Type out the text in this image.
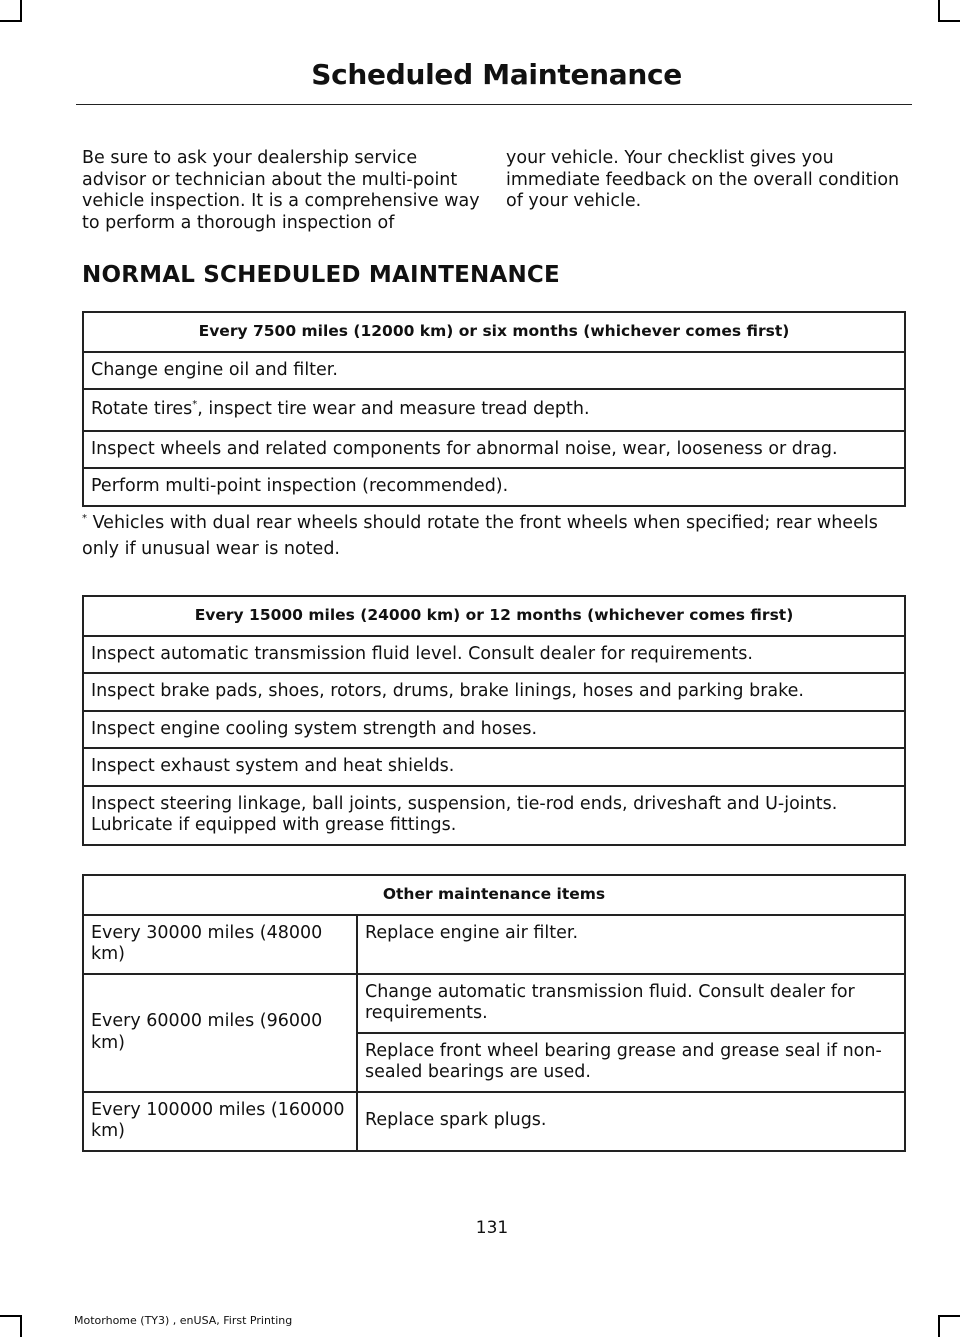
Scheduled Maintenance
Be sure to ask your dealership service advisor or technician about the multi-point vehicle inspection. It is a comprehensive way to perform a thorough inspection of
your vehicle. Your checklist gives you immediate feedback on the overall condition of your vehicle.
NORMAL SCHEDULED MAINTENANCE
Every 7500 miles (12000 km) or six months (whichever comes first)
Change engine oil and filter.
Rotate tires*, inspect tire wear and measure tread depth.
Inspect wheels and related components for abnormal noise, wear, looseness or drag.
Perform multi-point inspection (recommended).
* Vehicles with dual rear wheels should rotate the front wheels when specified; rear wheels only if unusual wear is noted.
Every 15000 miles (24000 km) or 12 months (whichever comes first)
Inspect automatic transmission fluid level. Consult dealer for requirements.
Inspect brake pads, shoes, rotors, drums, brake linings, hoses and parking brake.
Inspect engine cooling system strength and hoses.
Inspect exhaust system and heat shields.
Inspect steering linkage, ball joints, suspension, tie-rod ends, driveshaft and U-joints. Lubricate if equipped with grease fittings.
Other maintenance items	
Every 30000 miles (48000 km)	Replace engine air filter.
Every 60000 miles (96000 km)	Change automatic transmission fluid. Consult dealer for requirements.
	Replace front wheel bearing grease and grease seal if non-sealed bearings are used.
Every 100000 miles (160000 km)	Replace spark plugs.
131
Motorhome (TY3) , enUSA, First Printing
